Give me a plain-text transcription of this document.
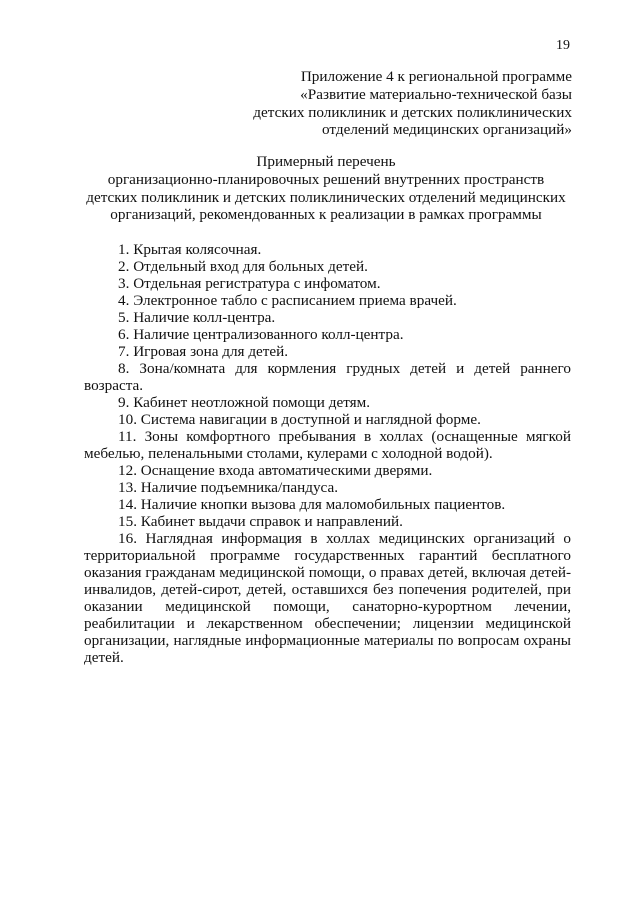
19
Приложение 4 к региональной программе
«Развитие материально-технической базы
детских поликлиник и детских поликлинических
отделений медицинских организаций»
Примерный перечень
организационно-планировочных решений внутренних пространств
детских поликлиник и детских поликлинических отделений медицинских
организаций, рекомендованных к реализации в рамках программы

1. Крытая колясочная.

2. Отдельный вход для больных детей.

3. Отдельная регистратура с инфоматом.

4. Электронное табло с расписанием приема врачей.

5. Наличие колл-центра.

6. Наличие централизованного колл-центра.

7. Игровая зона для детей.

8. Зона/комната для кормления грудных детей и детей раннего возраста.

9. Кабинет неотложной помощи детям.

10. Система навигации в доступной и наглядной форме.

11. Зоны комфортного пребывания в холлах (оснащенные мягкой мебелью, пеленальными столами, кулерами с холодной водой).

12. Оснащение входа автоматическими дверями.

13. Наличие подъемника/пандуса.

14. Наличие кнопки вызова для маломобильных пациентов.

15. Кабинет выдачи справок и направлений.

16. Наглядная информация в холлах медицинских организаций о территориальной программе государственных гарантий бесплатного оказания гражданам медицинской помощи, о правах детей, включая детей-инвалидов, детей-сирот, детей, оставшихся без попечения родителей, при оказании медицинской помощи, санаторно-курортном лечении, реабилитации и лекарственном обеспечении; лицензии медицинской организации, наглядные информационные материалы по вопросам охраны детей.
